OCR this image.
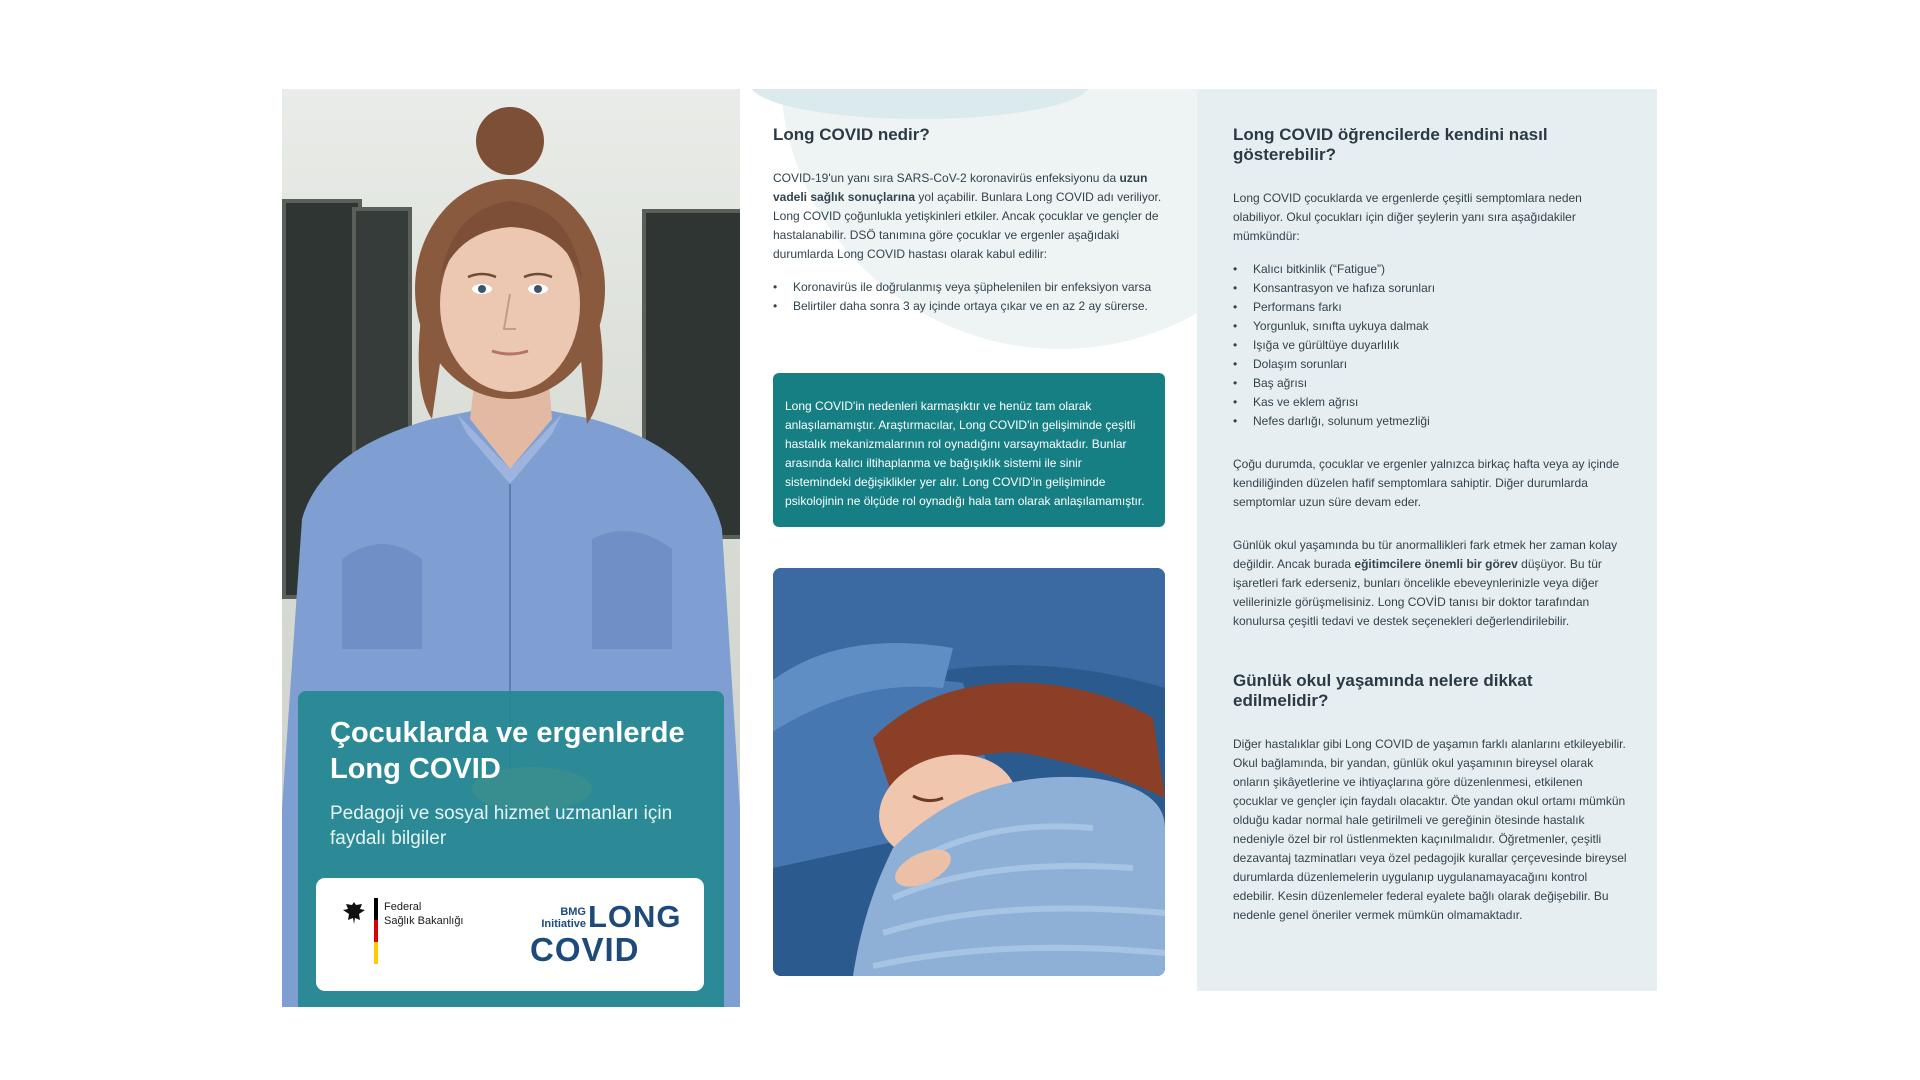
Çocuklarda ve ergenlerde
Long COVID
Pedagoji ve sosyal hizmet uzmanları için faydalı bilgiler
Federal
Sağlık Bakanlığı
BMG
Initiative LONG
COVID
Long COVID nedir?

COVID-19'un yanı sıra SARS-CoV-2 koronavirüs enfeksiyonu da uzun vadeli sağlık sonuçlarına yol açabilir. Bunlara Long COVID adı veriliyor. Long COVID çoğunlukla yetişkinleri etkiler. Ancak çocuklar ve gençler de hastalanabilir. DSÖ tanımına göre çocuklar ve ergenler aşağıdaki durumlarda Long COVID hastası olarak kabul edilir:

• Koronavirüs ile doğrulanmış veya şüphelenilen bir enfeksiyon varsa
• Belirtiler daha sonra 3 ay içinde ortaya çıkar ve en az 2 ay sürerse.
Long COVID'in nedenleri karmaşıktır ve henüz tam olarak anlaşılamamıştır. Araştırmacılar, Long COVID'in gelişiminde çeşitli hastalık mekanizmalarının rol oynadığını varsaymaktadır. Bunlar arasında kalıcı iltihaplanma ve bağışıklık sistemi ile sinir sistemindeki değişiklikler yer alır. Long COVID'in gelişiminde psikolojinin ne ölçüde rol oynadığı hala tam olarak anlaşılamamıştır.
Long COVID öğrencilerde kendini nasıl gösterebilir?

Long COVID çocuklarda ve ergenlerde çeşitli semptomlara neden olabiliyor. Okul çocukları için diğer şeylerin yanı sıra aşağıdakiler mümkündür:

• Kalıcı bitkinlik (“Fatigue”)
• Konsantrasyon ve hafıza sorunları
• Performans farkı
• Yorgunluk, sınıfta uykuya dalmak
• Işığa ve gürültüye duyarlılık
• Dolaşım sorunları
• Baş ağrısı
• Kas ve eklem ağrısı
• Nefes darlığı, solunum yetmezliği

Çoğu durumda, çocuklar ve ergenler yalnızca birkaç hafta veya ay içinde kendiliğinden düzelen hafif semptomlara sahiptir. Diğer durumlarda semptomlar uzun süre devam eder.

Günlük okul yaşamında bu tür anormallikleri fark etmek her zaman kolay değildir. Ancak burada eğitimcilere önemli bir görev düşüyor. Bu tür işaretleri fark ederseniz, bunları öncelikle ebeveynlerinizle veya diğer velilerinizle görüşmelisiniz. Long COVİD tanısı bir doktor tarafından konulursa çeşitli tedavi ve destek seçenekleri değerlendirilebilir.

Günlük okul yaşamında nelere dikkat edilmelidir?

Diğer hastalıklar gibi Long COVID de yaşamın farklı alanlarını etkileyebilir. Okul bağlamında, bir yandan, günlük okul yaşamının bireysel olarak onların şikâyetlerine ve ihtiyaçlarına göre düzenlenmesi, etkilenen çocuklar ve gençler için faydalı olacaktır. Öte yandan okul ortamı mümkün olduğu kadar normal hale getirilmeli ve gereğinin ötesinde hastalık nedeniyle özel bir rol üstlenmekten kaçınılmalıdır. Öğretmenler, çeşitli dezavantaj tazminatları veya özel pedagojik kurallar çerçevesinde bireysel durumlarda düzenlemelerin uygulanıp uygulanamayacağını kontrol edebilir. Kesin düzenlemeler federal eyalete bağlı olarak değişebilir. Bu nedenle genel öneriler vermek mümkün olmamaktadır.
